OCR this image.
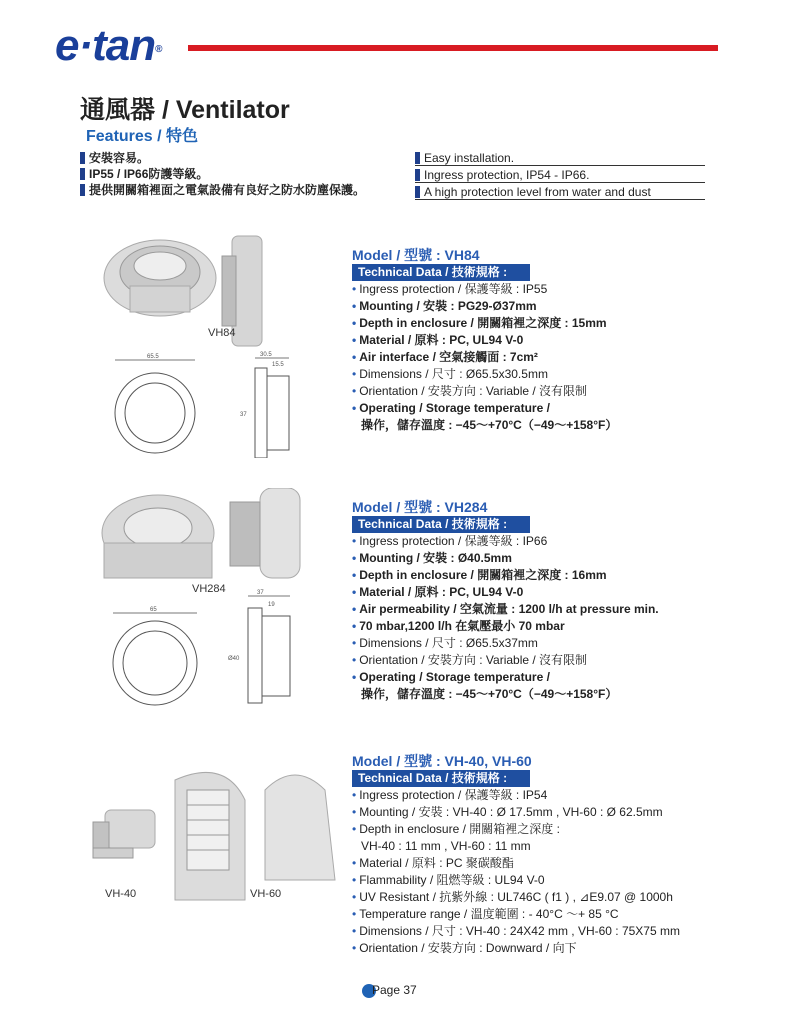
e·tan®
通風器 / Ventilator
Features / 特色
安裝容易。
IP55 / IP66防護等級。
提供開關箱裡面之電氣設備有良好之防水防塵保護。
Easy installation.
Ingress protection, IP54 - IP66.
A high protection level from water and dust
VH84
65.5	30.5
15.5
37
Model / 型號 : VH84
Technical Data / 技術規格 :
• Ingress protection / 保護等級 : IP55
• Mounting / 安裝 : PG29-Ø37mm
• Depth in enclosure / 開關箱裡之深度 : 15mm
• Material / 原料 : PC, UL94 V-0
• Air interface / 空氣接觸面 : 7cm²
• Dimensions / 尺寸 : Ø65.5x30.5mm
• Orientation / 安裝方向 : Variable / 沒有限制
• Operating / Storage temperature /
操作，儲存溫度 : −45～+70°C（−49～+158°F）
VH284
65
37
19
Ø40
Model / 型號 : VH284
Technical Data / 技術規格 :
• Ingress protection / 保護等級 : IP66
• Mounting / 安裝 : Ø40.5mm
• Depth in enclosure / 開關箱裡之深度 : 16mm
• Material / 原料 : PC, UL94 V-0
• Air permeability / 空氣流量 : 1200 l/h at pressure min.
• 70 mbar,1200 l/h 在氣壓最小 70 mbar
• Dimensions / 尺寸 : Ø65.5x37mm
• Orientation / 安裝方向 : Variable / 沒有限制
• Operating / Storage temperature /
操作，儲存溫度 : −45～+70°C（−49～+158°F）
VH-40	VH-60
Model / 型號 : VH-40, VH-60
Technical Data / 技術規格 :
• Ingress protection / 保護等級 : IP54
• Mounting / 安裝 : VH-40 : Ø 17.5mm , VH-60 : Ø 62.5mm
• Depth in enclosure / 開關箱裡之深度 :
VH-40 : 11 mm , VH-60 : 11 mm
• Material / 原料 : PC 聚碳酸酯
• Flammability / 阻燃等級 : UL94 V-0
• UV Resistant / 抗紫外線 : UL746C ( f1 ) , ⊿E9.07 @ 1000h
• Temperature range / 溫度範圍 : - 40°C ～+ 85 °C
• Dimensions / 尺寸 : VH-40 : 24X42 mm , VH-60 : 75X75 mm
• Orientation / 安裝方向 : Downward / 向下
Page 37
